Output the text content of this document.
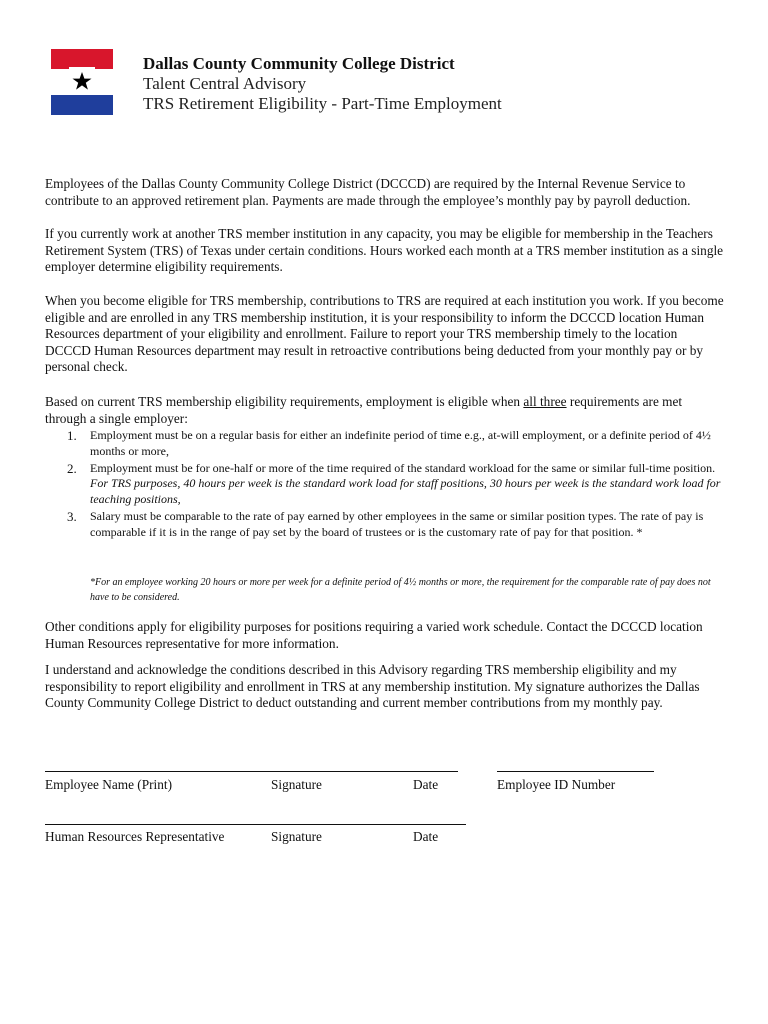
Dallas County Community College District
Talent Central Advisory
TRS Retirement Eligibility - Part-Time Employment

Employees of the Dallas County Community College District (DCCCD) are required by the Internal Revenue Service to contribute to an approved retirement plan. Payments are made through the employee’s monthly pay by payroll deduction.

If you currently work at another TRS member institution in any capacity, you may be eligible for membership in the Teachers Retirement System (TRS) of Texas under certain conditions. Hours worked each month at a TRS member institution as a single employer determine eligibility requirements.

When you become eligible for TRS membership, contributions to TRS are required at each institution you work. If you become eligible and are enrolled in any TRS membership institution, it is your responsibility to inform the DCCCD location Human Resources department of your eligibility and enrollment. Failure to report your TRS membership timely to the location DCCCD Human Resources department may result in retroactive contributions being deducted from your monthly pay or by personal check.

Based on current TRS membership eligibility requirements, employment is eligible when all three requirements are met through a single employer:

1. Employment must be on a regular basis for either an indefinite period of time e.g., at-will employment, or a definite period of 4½ months or more,
2. Employment must be for one-half or more of the time required of the standard workload for the same or similar full-time position. For TRS purposes, 40 hours per week is the standard work load for staff positions, 30 hours per week is the standard work load for teaching positions,
3. Salary must be comparable to the rate of pay earned by other employees in the same or similar position types. The rate of pay is comparable if it is in the range of pay set by the board of trustees or is the customary rate of pay for that position. *
*For an employee working 20 hours or more per week for a definite period of 4½ months or more, the requirement for the comparable rate of pay does not have to be considered.

Other conditions apply for eligibility purposes for positions requiring a varied work schedule. Contact the DCCCD location Human Resources representative for more information.

I understand and acknowledge the conditions described in this Advisory regarding TRS membership eligibility and my responsibility to report eligibility and enrollment in TRS at any membership institution. My signature authorizes the Dallas County Community College District to deduct outstanding and current member contributions from my monthly pay.

Employee Name (Print)	Signature	Date	Employee ID Number
Human Resources Representative	Signature	Date
